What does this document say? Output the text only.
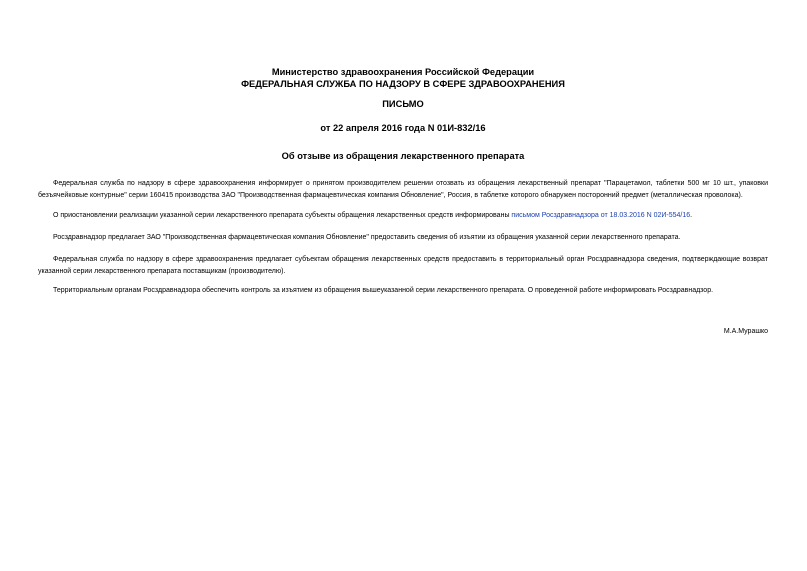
Министерство здравоохранения Российской Федерации
ФЕДЕРАЛЬНАЯ СЛУЖБА ПО НАДЗОРУ В СФЕРЕ ЗДРАВООХРАНЕНИЯ
ПИСЬМО
от 22 апреля 2016 года N 01И-832/16
Об отзыве из обращения лекарственного препарата

Федеральная служба по надзору в сфере здравоохранения информирует о принятом производителем решении отозвать из обращения лекарственный препарат "Парацетамол, таблетки 500 мг 10 шт., упаковки безъячейковые контурные" серии 160415 производства ЗАО "Производственная фармацевтическая компания Обновление", Россия, в таблетке которого обнаружен посторонний предмет (металлическая проволока).

О приостановлении реализации указанной серии лекарственного препарата субъекты обращения лекарственных средств информированы письмом Росздравнадзора от 18.03.2016 N 02И-554/16.

Росздравнадзор предлагает ЗАО "Производственная фармацевтическая компания Обновление" предоставить сведения об изъятии из обращения указанной серии лекарственного препарата.

Федеральная служба по надзору в сфере здравоохранения предлагает субъектам обращения лекарственных средств предоставить в территориальный орган Росздравнадзора сведения, подтверждающие возврат указанной серии лекарственного препарата поставщикам (производителю).

Территориальным органам Росздравнадзора обеспечить контроль за изъятием из обращения вышеуказанной серии лекарственного препарата. О проведенной работе информировать Росздравнадзор.

М.А.Мурашко
